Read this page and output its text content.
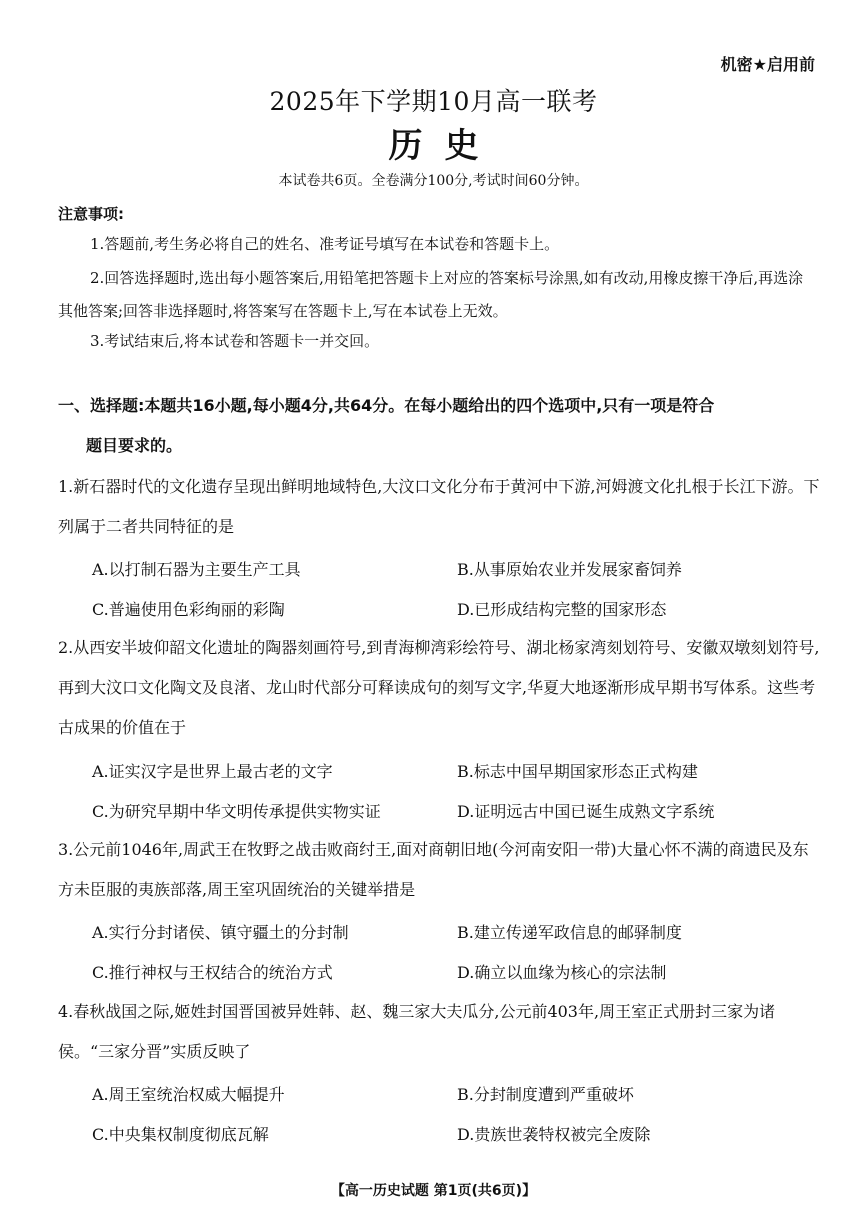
机密★启用前
2025年下学期10月高一联考
历史
本试卷共6页。全卷满分100分,考试时间60分钟。
注意事项:
1.答题前,考生务必将自己的姓名、准考证号填写在本试卷和答题卡上。
2.回答选择题时,选出每小题答案后,用铅笔把答题卡上对应的答案标号涂黑,如有改动,用橡皮擦干净后,再选涂其他答案;回答非选择题时,将答案写在答题卡上,写在本试卷上无效。
3.考试结束后,将本试卷和答题卡一并交回。
一、选择题:本题共16小题,每小题4分,共64分。在每小题给出的四个选项中,只有一项是符合
题目要求的。
1.新石器时代的文化遗存呈现出鲜明地域特色,大汶口文化分布于黄河中下游,河姆渡文化扎根于长江下游。下列属于二者共同特征的是
A.以打制石器为主要生产工具	B.从事原始农业并发展家畜饲养
C.普遍使用色彩绚丽的彩陶	D.已形成结构完整的国家形态
2.从西安半坡仰韶文化遗址的陶器刻画符号,到青海柳湾彩绘符号、湖北杨家湾刻划符号、安徽双墩刻划符号,再到大汶口文化陶文及良渚、龙山时代部分可释读成句的刻写文字,华夏大地逐渐形成早期书写体系。这些考古成果的价值在于
A.证实汉字是世界上最古老的文字	B.标志中国早期国家形态正式构建
C.为研究早期中华文明传承提供实物实证	D.证明远古中国已诞生成熟文字系统
3.公元前1046年,周武王在牧野之战击败商纣王,面对商朝旧地(今河南安阳一带)大量心怀不满的商遗民及东方未臣服的夷族部落,周王室巩固统治的关键举措是
A.实行分封诸侯、镇守疆土的分封制	B.建立传递军政信息的邮驿制度
C.推行神权与王权结合的统治方式	D.确立以血缘为核心的宗法制
4.春秋战国之际,姬姓封国晋国被异姓韩、赵、魏三家大夫瓜分,公元前403年,周王室正式册封三家为诸侯。“三家分晋”实质反映了
A.周王室统治权威大幅提升	B.分封制度遭到严重破坏
C.中央集权制度彻底瓦解	D.贵族世袭特权被完全废除
【高一历史试题 第1页(共6页)】
